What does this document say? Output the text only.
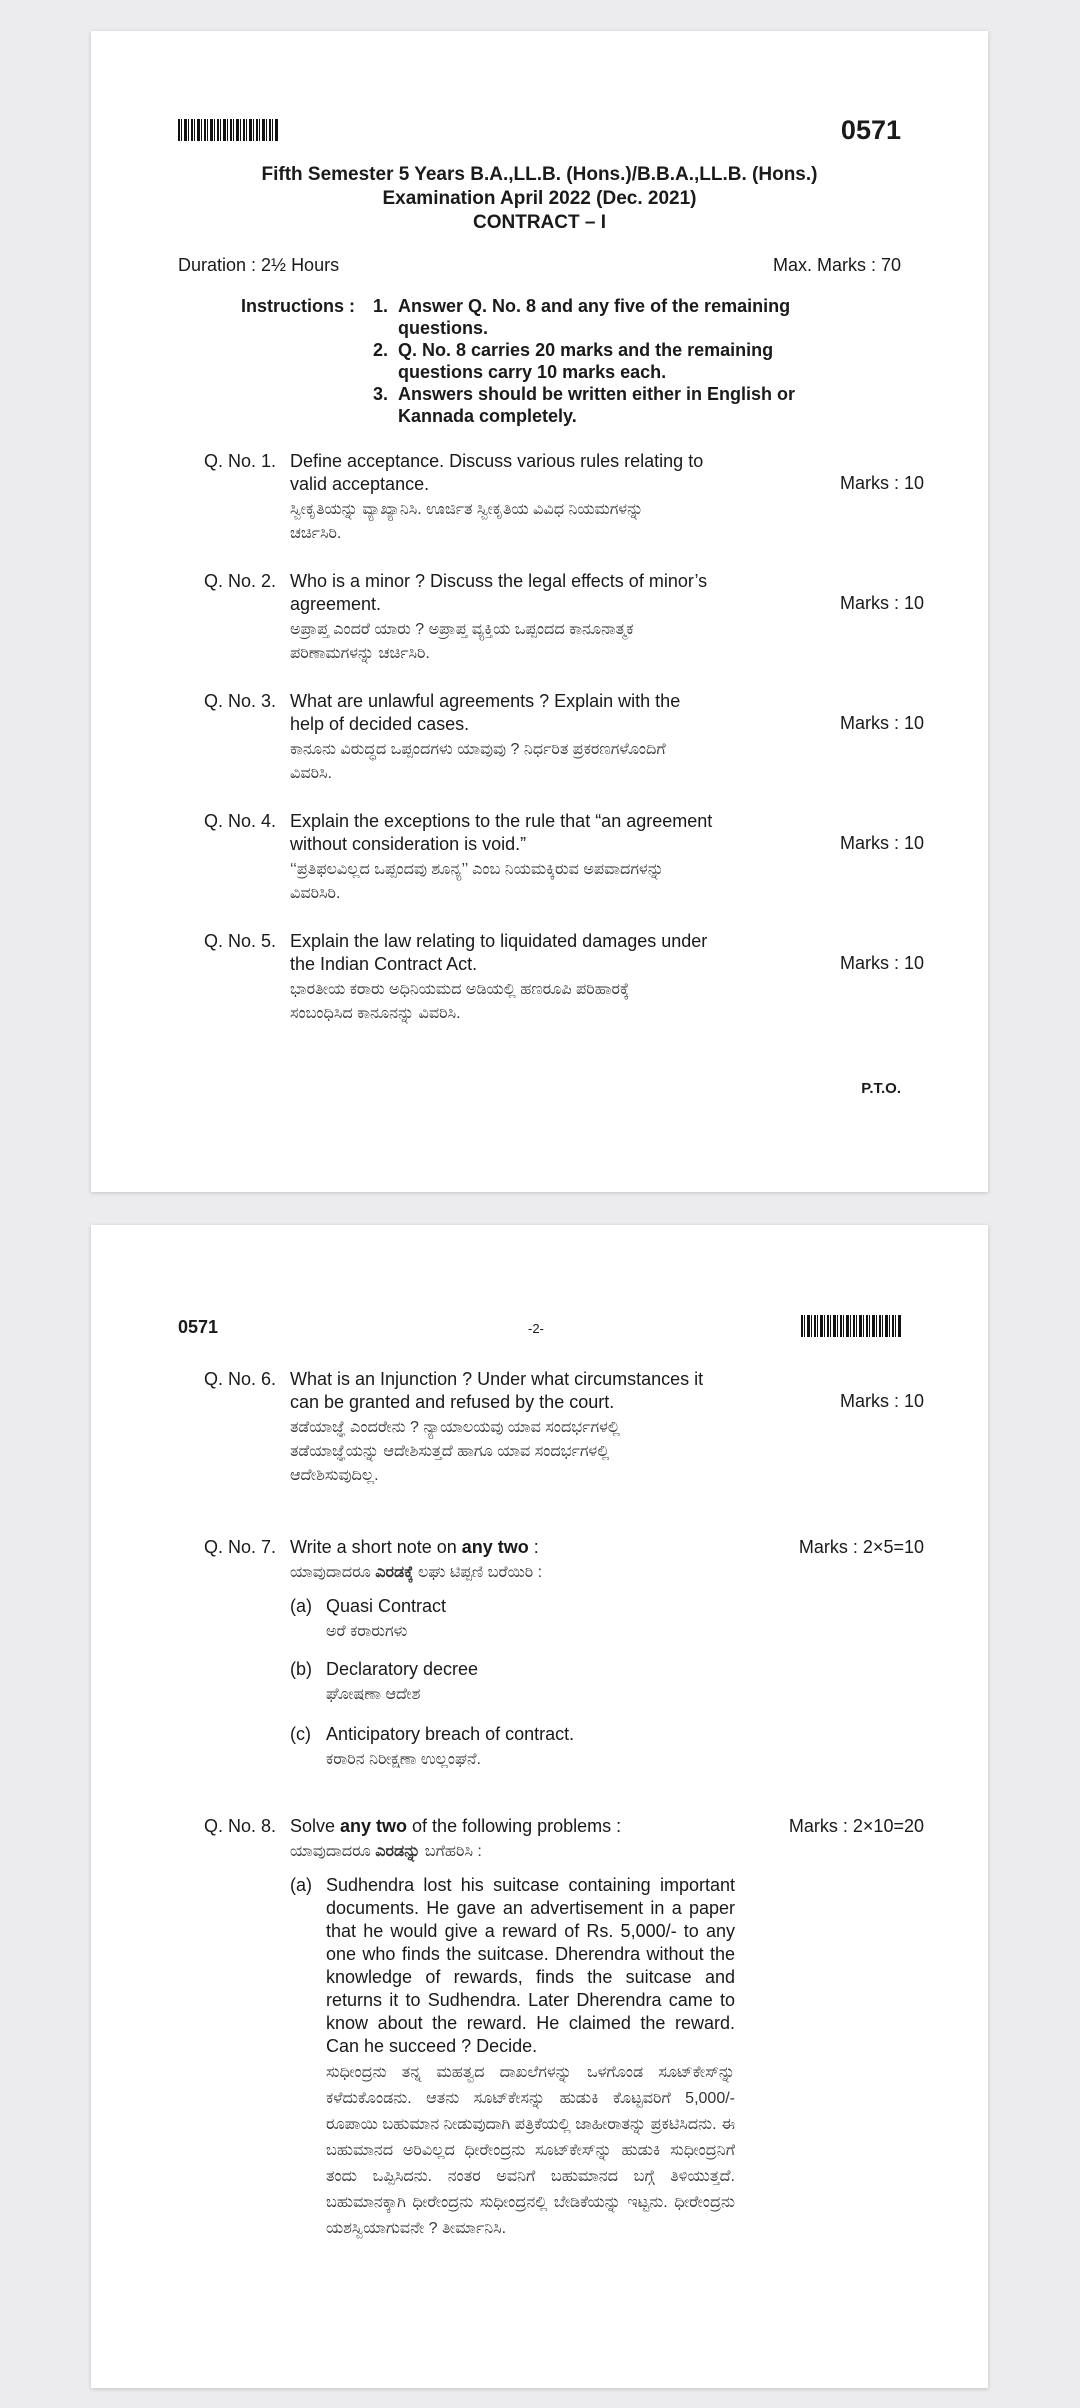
0571
Fifth Semester 5 Years B.A.,LL.B. (Hons.)/B.B.A.,LL.B. (Hons.)
Examination April 2022 (Dec. 2021)
CONTRACT – I
Duration : 2½ Hours	Max. Marks : 70
Instructions : 1. Answer Q. No. 8 and any five of the remaining
questions.
2. Q. No. 8 carries 20 marks and the remaining
questions carry 10 marks each.
3. Answers should be written either in English or
Kannada completely.
Q. No. 1. Define acceptance. Discuss various rules relating to
valid acceptance.
ಸ್ವೀಕೃತಿಯನ್ನು ವ್ಯಾಖ್ಯಾನಿಸಿ. ಊರ್ಜಿತ ಸ್ವೀಕೃತಿಯ ವಿವಿಧ ನಿಯಮಗಳನ್ನು
ಚರ್ಚಿಸಿರಿ.
Marks : 10
Q. No. 2. Who is a minor ? Discuss the legal effects of minor’s
agreement.
ಅಪ್ರಾಪ್ತ ಎಂದರೆ ಯಾರು ? ಅಪ್ರಾಪ್ತ ವ್ಯಕ್ತಿಯ ಒಪ್ಪಂದದ ಕಾನೂನಾತ್ಮಕ
ಪರಿಣಾಮಗಳನ್ನು ಚರ್ಚಿಸಿರಿ.
Marks : 10
Q. No. 3. What are unlawful agreements ? Explain with the
help of decided cases.
ಕಾನೂನು ವಿರುದ್ಧದ ಒಪ್ಪಂದಗಳು ಯಾವುವು ? ನಿರ್ಧರಿತ ಪ್ರಕರಣಗಳೊಂದಿಗೆ
ವಿವರಿಸಿ.
Marks : 10
Q. No. 4. Explain the exceptions to the rule that “an agreement
without consideration is void.”
‘‘ಪ್ರತಿಫಲವಿಲ್ಲದ ಒಪ್ಪಂದವು ಶೂನ್ಯ’’ ಎಂಬ ನಿಯಮಕ್ಕಿರುವ ಅಪವಾದಗಳನ್ನು
ವಿವರಿಸಿರಿ.
Marks : 10
Q. No. 5. Explain the law relating to liquidated damages under
the Indian Contract Act.
ಭಾರತೀಯ ಕರಾರು ಅಧಿನಿಯಮದ ಅಡಿಯಲ್ಲಿ ಹಣರೂಪಿ ಪರಿಹಾರಕ್ಕೆ
ಸಂಬಂಧಿಸಿದ ಕಾನೂನನ್ನು ವಿವರಿಸಿ.
Marks : 10
P.T.O.
0571	-2-
Q. No. 6. What is an Injunction ? Under what circumstances it
can be granted and refused by the court.
ತಡೆಯಾಜ್ಞೆ ಎಂದರೇನು ? ನ್ಯಾಯಾಲಯವು ಯಾವ ಸಂದರ್ಭಗಳಲ್ಲಿ
ತಡೆಯಾಜ್ಞೆಯನ್ನು ಆದೇಶಿಸುತ್ತದೆ ಹಾಗೂ ಯಾವ ಸಂದರ್ಭಗಳಲ್ಲಿ
ಆದೇಶಿಸುವುದಿಲ್ಲ.
Marks : 10
Q. No. 7. Write a short note on any two :
ಯಾವುದಾದರೂ ಎರಡಕ್ಕೆ ಲಘು ಟಿಪ್ಪಣಿ ಬರೆಯಿರಿ :
(a) Quasi Contract
ಅರೆ ಕರಾರುಗಳು
(b) Declaratory decree
ಘೋಷಣಾ ಆದೇಶ
(c) Anticipatory breach of contract.
ಕರಾರಿನ ನಿರೀಕ್ಷಣಾ ಉಲ್ಲಂಘನೆ.
Marks : 2×5=10
Q. No. 8. Solve any two of the following problems :
ಯಾವುದಾದರೂ ಎರಡನ್ನು ಬಗೆಹರಿಸಿ :
(a) Sudhendra lost his suitcase containing important documents. He gave an advertisement in a paper that he would give a reward of Rs. 5,000/- to any one who finds the suitcase. Dherendra without the knowledge of rewards, finds the suitcase and returns it to Sudhendra. Later Dherendra came to know about the reward. He claimed the reward. Can he succeed ? Decide.
ಸುಧೀಂದ್ರನು ತನ್ನ ಮಹತ್ವದ ದಾಖಲೆಗಳನ್ನು ಒಳಗೊಂಡ ಸೂಟ್‌ಕೇಸ್‌ನ್ನು ಕಳೆದುಕೊಂಡನು. ಆತನು ಸೂಟ್‌ಕೇಸನ್ನು ಹುಡುಕಿ ಕೊಟ್ಟವರಿಗೆ 5,000/- ರೂಪಾಯಿ ಬಹುಮಾನ ನೀಡುವುದಾಗಿ ಪತ್ರಿಕೆಯಲ್ಲಿ ಜಾಹೀರಾತನ್ನು ಪ್ರಕಟಿಸಿದನು. ಈ ಬಹುಮಾನದ ಅರಿವಿಲ್ಲದ ಧೀರೇಂದ್ರನು ಸೂಟ್‌ಕೇಸ್‌ನ್ನು ಹುಡುಕಿ ಸುಧೀಂದ್ರನಿಗೆ ತಂದು ಒಪ್ಪಿಸಿದನು. ನಂತರ ಅವನಿಗೆ ಬಹುಮಾನದ ಬಗ್ಗೆ ತಿಳಿಯುತ್ತದೆ. ಬಹುಮಾನಕ್ಕಾಗಿ ಧೀರೇಂದ್ರನು ಸುಧೀಂದ್ರನಲ್ಲಿ ಬೇಡಿಕೆಯನ್ನು ಇಟ್ಟನು. ಧೀರೇಂದ್ರನು ಯಶಸ್ವಿಯಾಗುವನೇ ? ತೀರ್ಮಾನಿಸಿ.
Marks : 2×10=20
